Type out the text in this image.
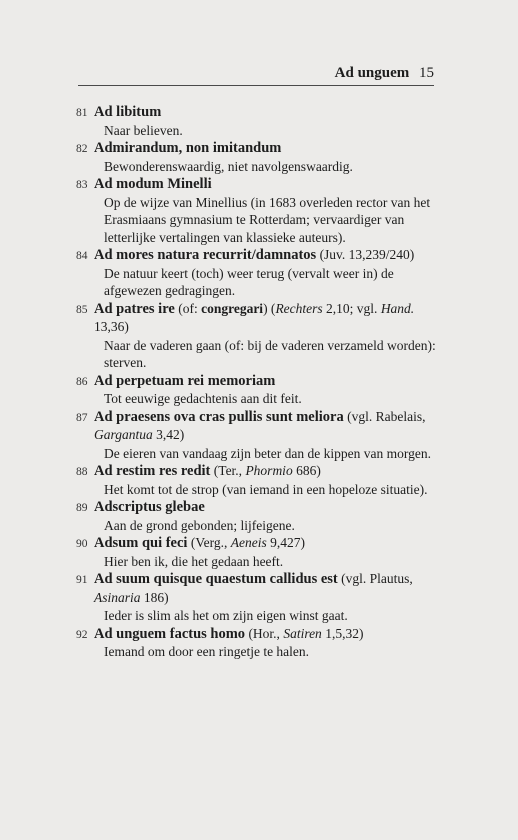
Ad unguem 15
81 Ad libitum
Naar believen.
82 Admirandum, non imitandum
Bewonderenswaardig, niet navolgenswaardig.
83 Ad modum Minelli
Op de wijze van Minellius (in 1683 overleden rector van het Erasmiaans gymnasium te Rotterdam; vervaardiger van letterlijke vertalingen van klassieke auteurs).
84 Ad mores natura recurrit/damnatos (Juv. 13,239/240)
De natuur keert (toch) weer terug (vervalt weer in) de afgewezen gedragingen.
85 Ad patres ire (of: congregari) (Rechters 2,10; vgl. Hand. 13,36)
Naar de vaderen gaan (of: bij de vaderen verzameld worden): sterven.
86 Ad perpetuam rei memoriam
Tot eeuwige gedachtenis aan dit feit.
87 Ad praesens ova cras pullis sunt meliora (vgl. Rabelais, Gargantua 3,42)
De eieren van vandaag zijn beter dan de kippen van morgen.
88 Ad restim res redit (Ter., Phormio 686)
Het komt tot de strop (van iemand in een hopeloze situatie).
89 Adscriptus glebae
Aan de grond gebonden; lijfeigene.
90 Adsum qui feci (Verg., Aeneis 9,427)
Hier ben ik, die het gedaan heeft.
91 Ad suum quisque quaestum callidus est (vgl. Plautus, Asinaria 186)
Ieder is slim als het om zijn eigen winst gaat.
92 Ad unguem factus homo (Hor., Satiren 1,5,32)
Iemand om door een ringetje te halen.
